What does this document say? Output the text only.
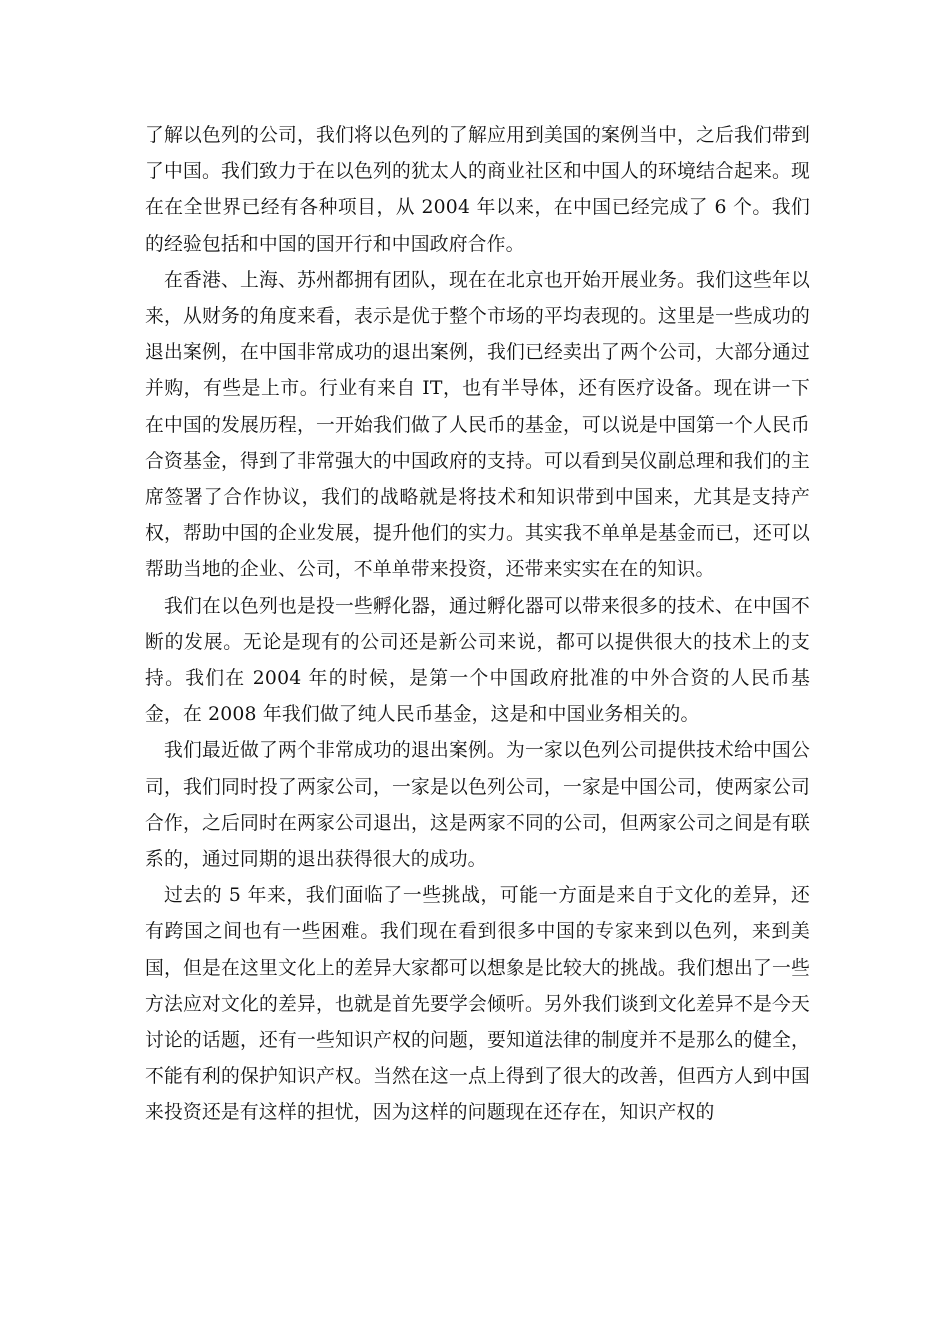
了解以色列的公司，我们将以色列的了解应用到美国的案例当中，之后我们带到了中国。我们致力于在以色列的犹太人的商业社区和中国人的环境结合起来。现在在全世界已经有各种项目，从 2004 年以来，在中国已经完成了 6 个。我们的经验包括和中国的国开行和中国政府合作。

在香港、上海、苏州都拥有团队，现在在北京也开始开展业务。我们这些年以来，从财务的角度来看，表示是优于整个市场的平均表现的。这里是一些成功的退出案例，在中国非常成功的退出案例，我们已经卖出了两个公司，大部分通过并购，有些是上市。行业有来自 IT，也有半导体，还有医疗设备。现在讲一下在中国的发展历程，一开始我们做了人民币的基金，可以说是中国第一个人民币合资基金，得到了非常强大的中国政府的支持。可以看到吴仪副总理和我们的主席签署了合作协议，我们的战略就是将技术和知识带到中国来，尤其是支持产权，帮助中国的企业发展，提升他们的实力。其实我不单单是基金而已，还可以帮助当地的企业、公司，不单单带来投资，还带来实实在在的知识。

我们在以色列也是投一些孵化器，通过孵化器可以带来很多的技术、在中国不断的发展。无论是现有的公司还是新公司来说，都可以提供很大的技术上的支持。我们在 2004 年的时候，是第一个中国政府批准的中外合资的人民币基金，在 2008 年我们做了纯人民币基金，这是和中国业务相关的。

我们最近做了两个非常成功的退出案例。为一家以色列公司提供技术给中国公司，我们同时投了两家公司，一家是以色列公司，一家是中国公司，使两家公司合作，之后同时在两家公司退出，这是两家不同的公司，但两家公司之间是有联系的，通过同期的退出获得很大的成功。

过去的 5 年来，我们面临了一些挑战，可能一方面是来自于文化的差异，还有跨国之间也有一些困难。我们现在看到很多中国的专家来到以色列，来到美国，但是在这里文化上的差异大家都可以想象是比较大的挑战。我们想出了一些方法应对文化的差异，也就是首先要学会倾听。另外我们谈到文化差异不是今天讨论的话题，还有一些知识产权的问题，要知道法律的制度并不是那么的健全，不能有利的保护知识产权。当然在这一点上得到了很大的改善，但西方人到中国来投资还是有这样的担忧，因为这样的问题现在还存在，知识产权的
